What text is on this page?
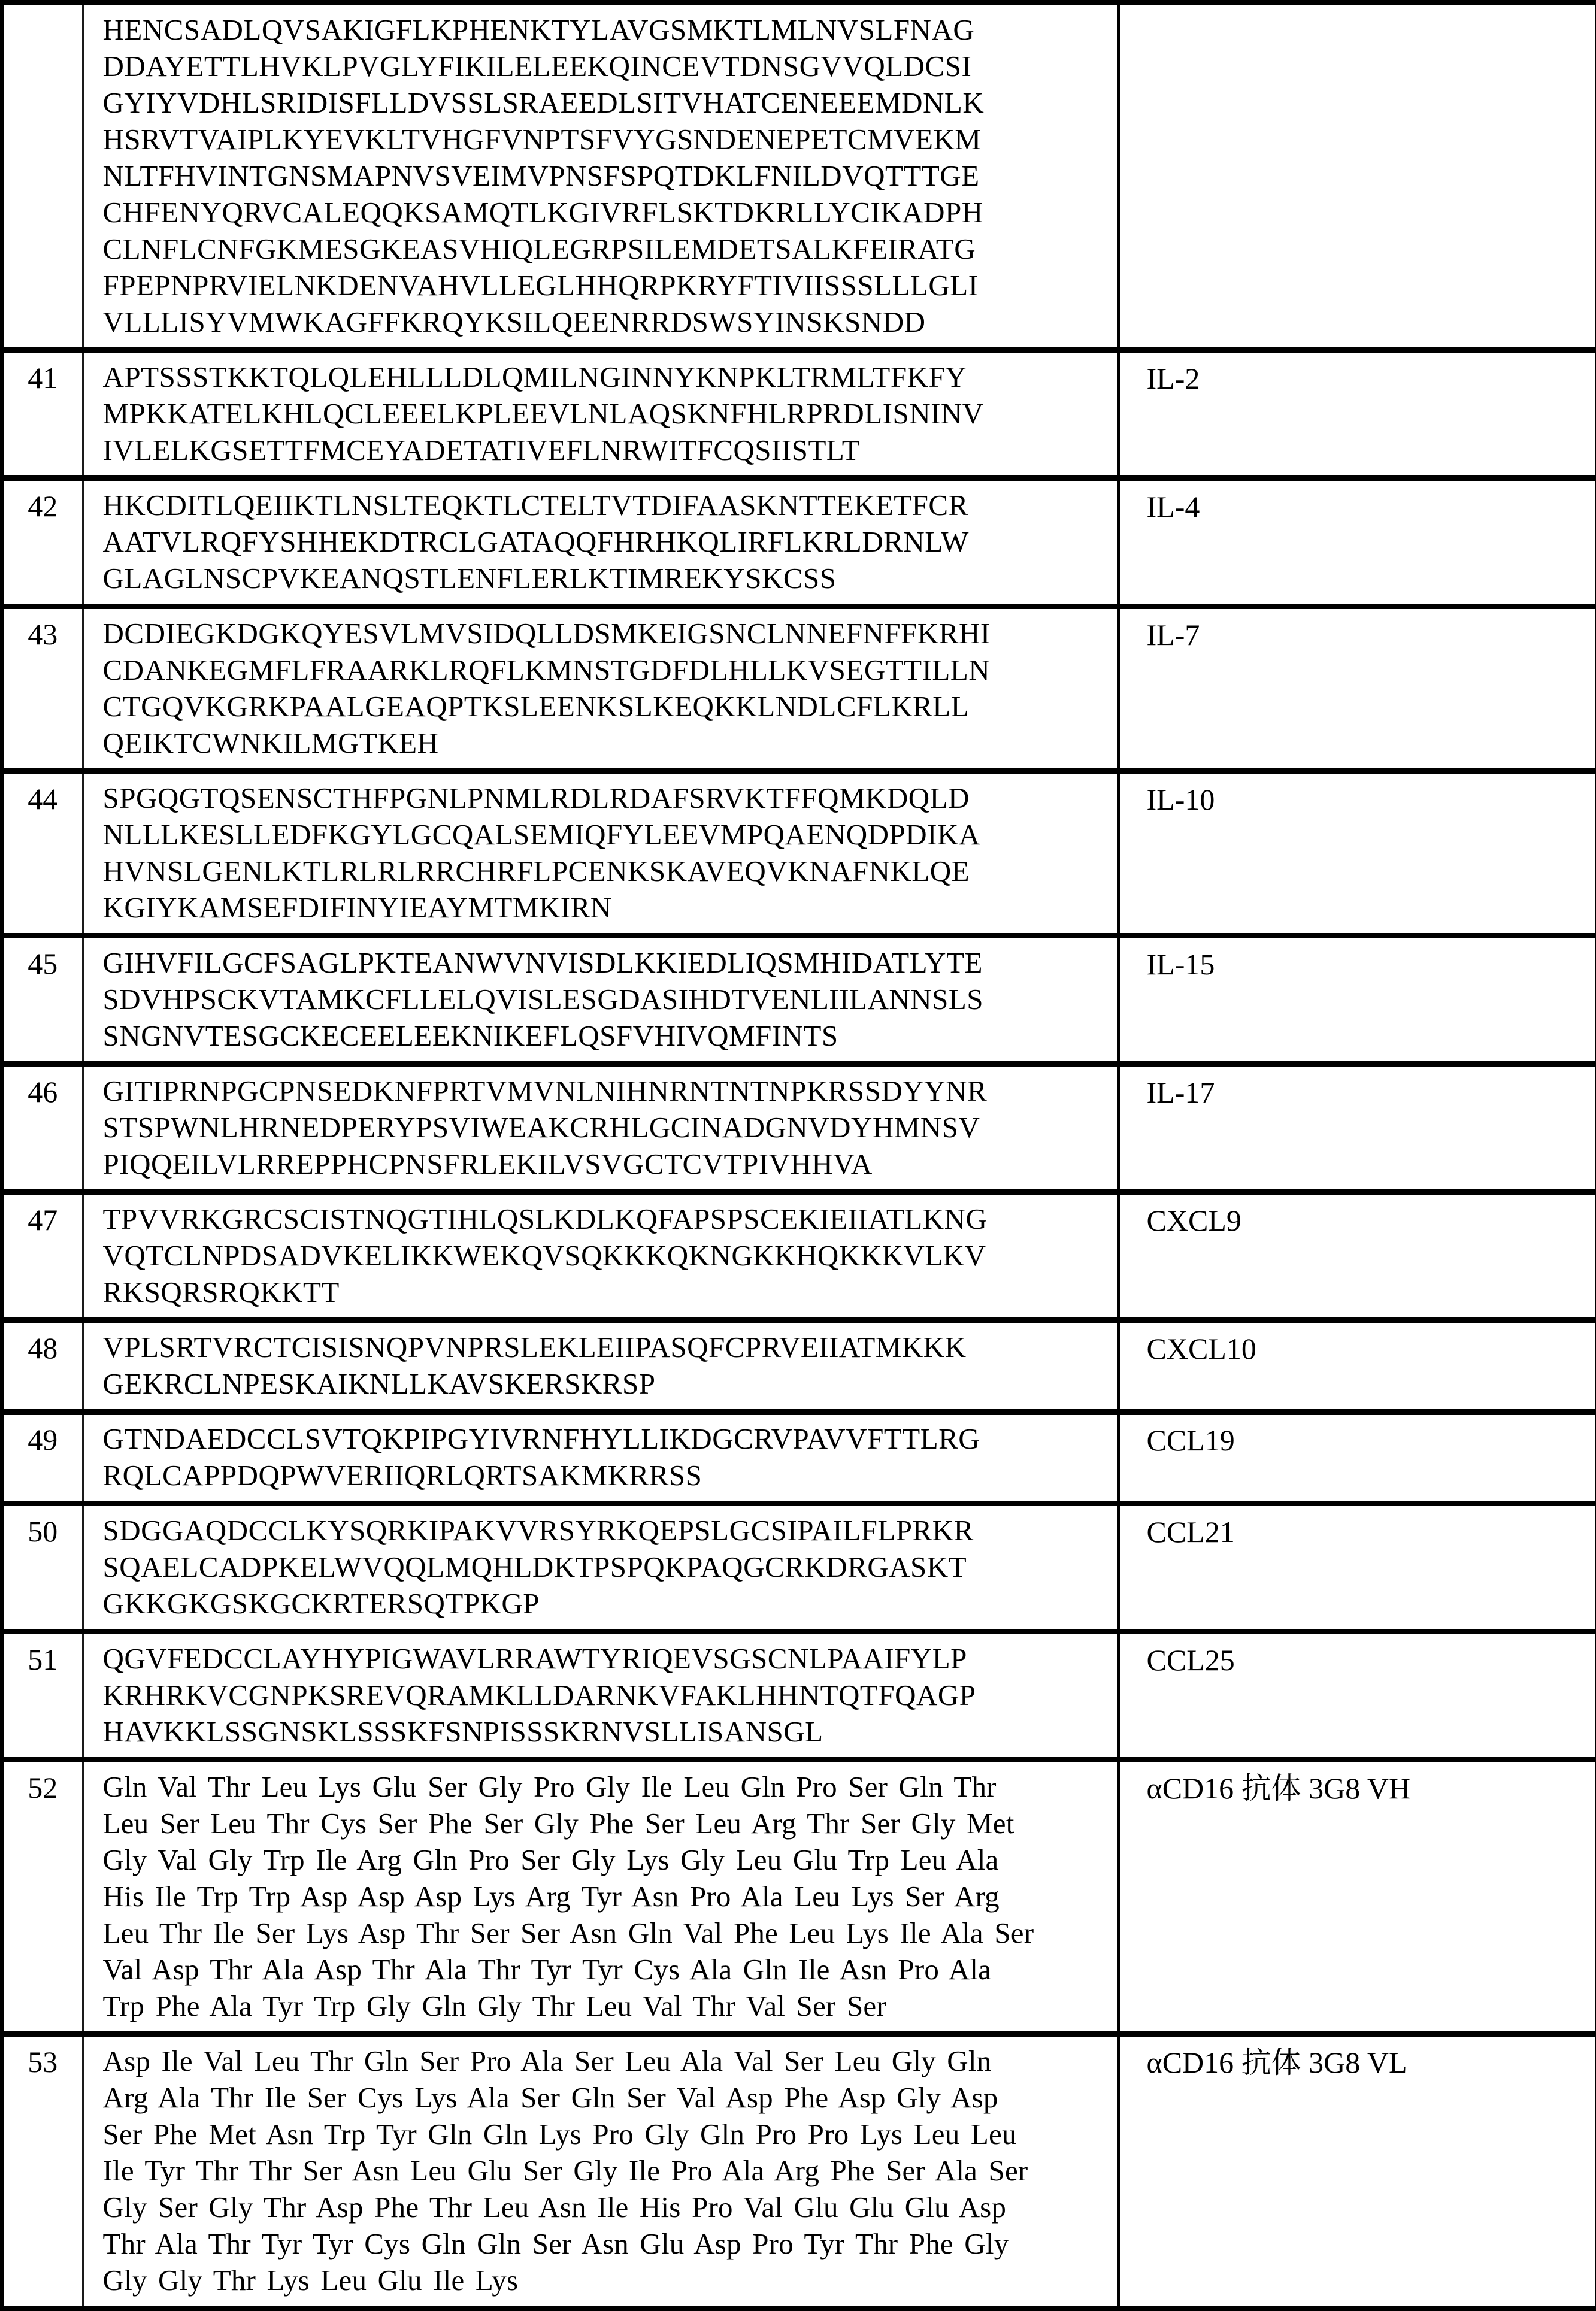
HENCSADLQVSAKIGFLKPHENKTYLAVGSMKTLMLNVSLFNAG
DDAYETTLHVKLPVGLYFIKILELEEKQINCEVTDNSGVVQLDCSI
GYIYVDHLSRIDISFLLDVSSLSRAEEDLSITVHATCENEEEMDNLK
HSRVTVAIPLKYEVKLTVHGFVNPTSFVYGSNDENEPETCMVEKM
NLTFHVINTGNSMAPNVSVEIMVPNSFSPQTDKLFNILDVQTTTGE
CHFENYQRVCALEQQKSAMQTLKGIVRFLSKTDKRLLYCIKADPH
CLNFLCNFGKMESGKEASVHIQLEGRPSILEMDETSALKFEIRATG
FPEPNPRVIELNKDENVAHVLLEGLHHQRPKRYFTIVIISSSLLLGLI
VLLLISYVMWKAGFFKRQYKSILQEENRRDSWSYINSKSNDD

41	APTSSSTKKTQLQLEHLLLDLQMILNGINNYKNPKLTRMLTFKFY
MPKKATELKHLQCLEEELKPLEEVLNLAQSKNFHLRPRDLISNINV
IVLELKGSETTFMCEYADETATIVEFLNRWITFCQSIISTLT	IL-2
42	HKCDITLQEIIKTLNSLTEQKTLCTELTVTDIFAASKNTTEKETFCR
AATVLRQFYSHHEKDTRCLGATAQQFHRHKQLIRFLKRLDRNLW
GLAGLNSCPVKEANQSTLENFLERLKTIMREKYSKCSS	IL-4
43	DCDIEGKDGKQYESVLMVSIDQLLDSMKEIGSNCLNNEFNFFKRHI
CDANKEGMFLFRAARKLRQFLKMNSTGDFDLHLLKVSEGTTILLN
CTGQVKGRKPAALGEAQPTKSLEENKSLKEQKKLNDLCFLKRLL
QEIKTCWNKILMGTKEH	IL-7
44	SPGQGTQSENSCTHFPGNLPNMLRDLRDAFSRVKTFFQMKDQLD
NLLLKESLLEDFKGYLGCQALSEMIQFYLEEVMPQAENQDPDIKA
HVNSLGENLKTLRLRLRRCHRFLPCENKSKAVEQVKNAFNKLQE
KGIYKAMSEFDIFINYIEAYMTMKIRN	IL-10
45	GIHVFILGCFSAGLPKTEANWVNVISDLKKIEDLIQSMHIDATLYTE
SDVHPSCKVTAMKCFLLELQVISLESGDASIHDTVENLIILANNSLS
SNGNVTESGCKECEELEEKNIKEFLQSFVHIVQMFINTS	IL-15
46	GITIPRNPGCPNSEDKNFPRTVMVNLNIHNRNTNTNPKRSSDYYNR
STSPWNLHRNEDPERYPSVIWEAKCRHLGCINADGNVDYHMNSV
PIQQEILVLRREPPHCPNSFRLEKILVSVGCTCVTPIVHHVA	IL-17
47	TPVVRKGRCSCISTNQGTIHLQSLKDLKQFAPSPSCEKIEIIATLKNG
VQTCLNPDSADVKELIKKWEKQVSQKKKQKNGKKHQKKKVLKV
RKSQRSRQKKTT	CXCL9
48	VPLSRTVRCTCISISNQPVNPRSLEKLEIIPASQFCPRVEIIATMKKK
GEKRCLNPESKAIKNLLKAVSKERSKRSP	CXCL10
49	GTNDAEDCCLSVTQKPIPGYIVRNFHYLLIKDGCRVPAVVFTTLRG
RQLCAPPDQPWVERIIQRLQRTSAKMKRRSS	CCL19
50	SDGGAQDCCLKYSQRKIPAKVVRSYRKQEPSLGCSIPAILFLPRKR
SQAELCADPKELWVQQLMQHLDKTPSPQKPAQGCRKDRGASKT
GKKGKGSKGCKRTERSQTPKGP	CCL21
51	QGVFEDCCLAYHYPIGWAVLRRAWTYRIQEVSGSCNLPAAIFYLP
KRHRKVCGNPKSREVQRAMKLLDARNKVFAKLHHNTQTFQAGP
HAVKKLSSGNSKLSSSKFSNPISSSKRNVSLLISANSGL	CCL25
52	Gln Val Thr Leu Lys Glu Ser Gly Pro Gly Ile Leu Gln Pro Ser Gln Thr
Leu Ser Leu Thr Cys Ser Phe Ser Gly Phe Ser Leu Arg Thr Ser Gly Met
Gly Val Gly Trp Ile Arg Gln Pro Ser Gly Lys Gly Leu Glu Trp Leu Ala
His Ile Trp Trp Asp Asp Asp Lys Arg Tyr Asn Pro Ala Leu Lys Ser Arg
Leu Thr Ile Ser Lys Asp Thr Ser Ser Asn Gln Val Phe Leu Lys Ile Ala Ser
Val Asp Thr Ala Asp Thr Ala Thr Tyr Tyr Cys Ala Gln Ile Asn Pro Ala
Trp Phe Ala Tyr Trp Gly Gln Gly Thr Leu Val Thr Val Ser Ser
	αCD16 抗体 3G8 VH
53	Asp Ile Val Leu Thr Gln Ser Pro Ala Ser Leu Ala Val Ser Leu Gly Gln
Arg Ala Thr Ile Ser Cys Lys Ala Ser Gln Ser Val Asp Phe Asp Gly Asp
Ser Phe Met Asn Trp Tyr Gln Gln Lys Pro Gly Gln Pro Pro Lys Leu Leu
Ile Tyr Thr Thr Ser Asn Leu Glu Ser Gly Ile Pro Ala Arg Phe Ser Ala Ser
Gly Ser Gly Thr Asp Phe Thr Leu Asn Ile His Pro Val Glu Glu Glu Asp
Thr Ala Thr Tyr Tyr Cys Gln Gln Ser Asn Glu Asp Pro Tyr Thr Phe Gly
Gly Gly Thr Lys Leu Glu Ile Lys
	αCD16 抗体 3G8 VL
